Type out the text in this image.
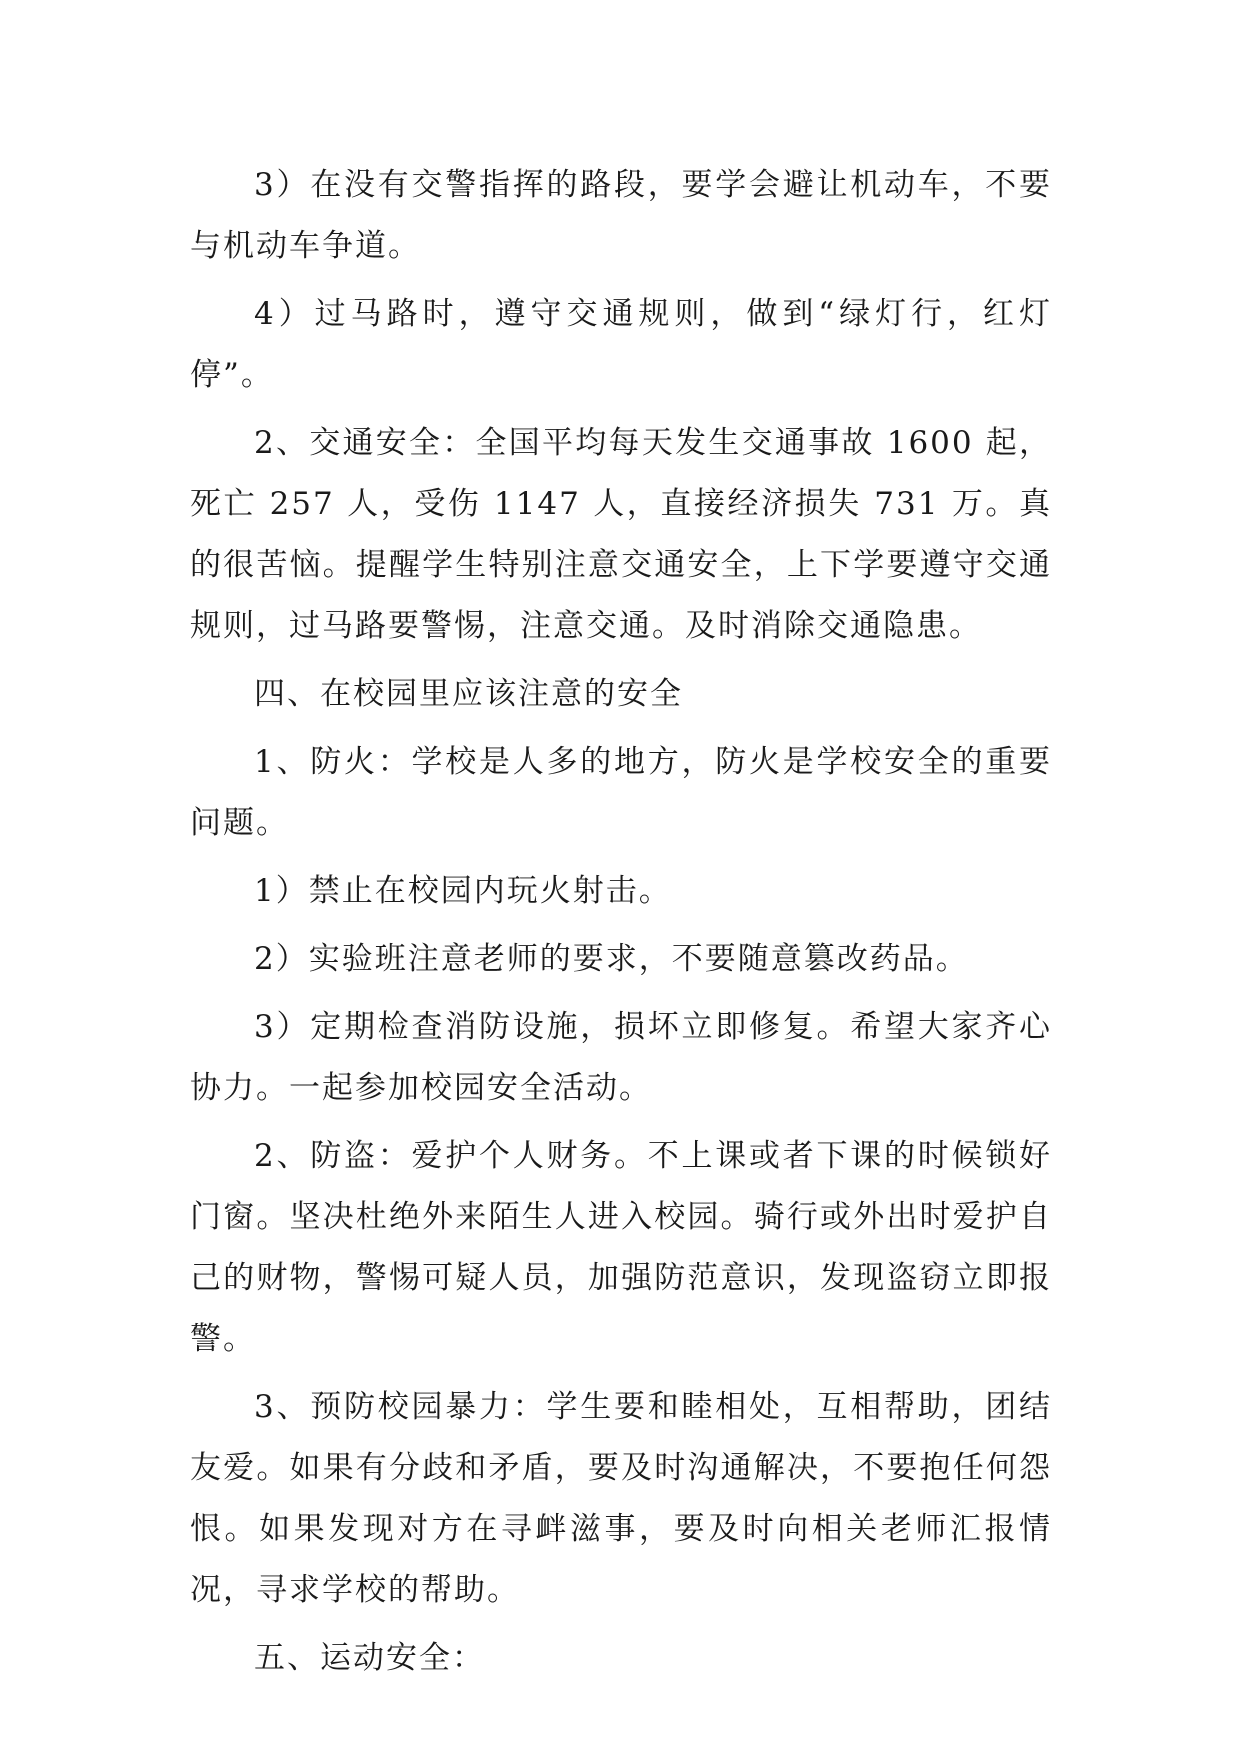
3）在没有交警指挥的路段，要学会避让机动车，不要与机动车争道。

4）过马路时，遵守交通规则，做到“绿灯行，红灯停”。

2、交通安全：全国平均每天发生交通事故 1600 起，死亡 257 人，受伤 1147 人，直接经济损失 731 万。真的很苦恼。提醒学生特别注意交通安全，上下学要遵守交通规则，过马路要警惕，注意交通。及时消除交通隐患。

四、在校园里应该注意的安全

1、防火：学校是人多的地方，防火是学校安全的重要问题。

1）禁止在校园内玩火射击。

2）实验班注意老师的要求，不要随意篡改药品。

3）定期检查消防设施，损坏立即修复。希望大家齐心协力。一起参加校园安全活动。

2、防盗：爱护个人财务。不上课或者下课的时候锁好门窗。坚决杜绝外来陌生人进入校园。骑行或外出时爱护自己的财物，警惕可疑人员，加强防范意识，发现盗窃立即报警。

3、预防校园暴力：学生要和睦相处，互相帮助，团结友爱。如果有分歧和矛盾，要及时沟通解决，不要抱任何怨恨。如果发现对方在寻衅滋事，要及时向相关老师汇报情况，寻求学校的帮助。

五、运动安全：
